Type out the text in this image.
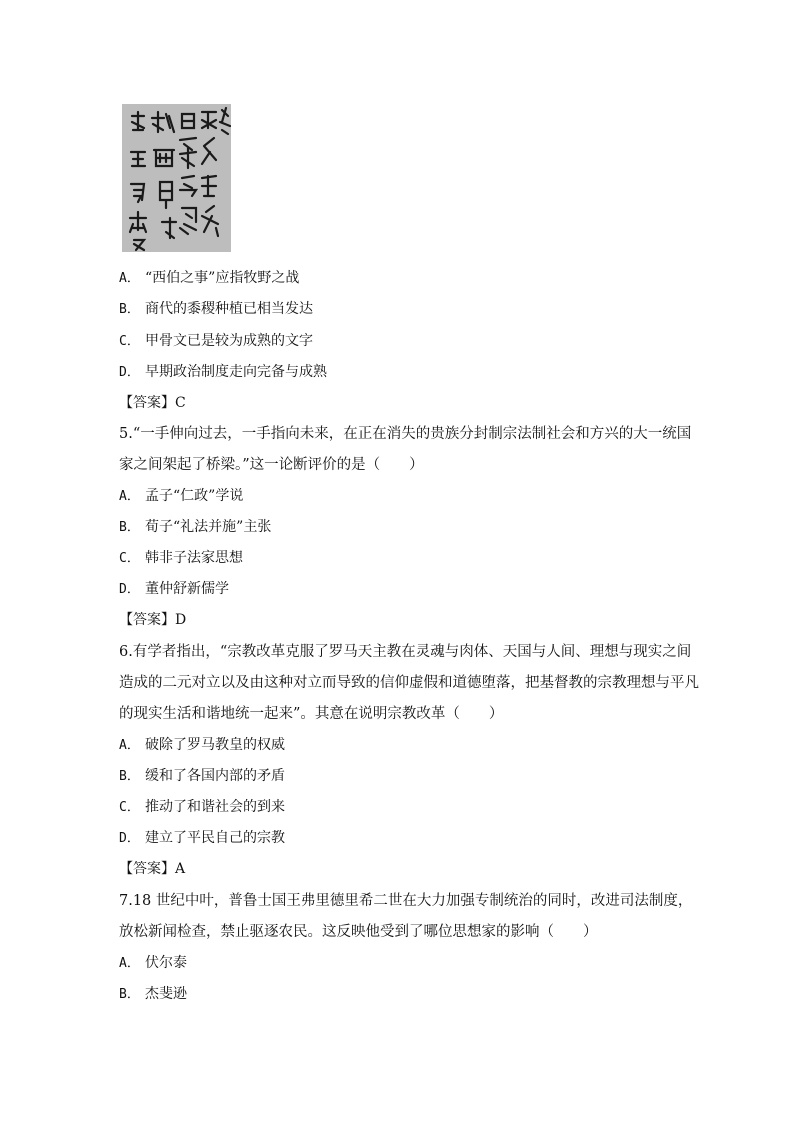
A． “西伯之事”应指牧野之战
B． 商代的黍稷种植已相当发达
C． 甲骨文已是较为成熟的文字
D． 早期政治制度走向完备与成熟
【答案】C
5.“一手伸向过去，一手指向未来，在正在消失的贵族分封制宗法制社会和方兴的大一统国
家之间架起了桥梁。”这一论断评价的是（　　）
A． 孟子“仁政”学说
B． 荀子“礼法并施”主张
C． 韩非子法家思想
D． 董仲舒新儒学
【答案】D
6.有学者指出，“宗教改革克服了罗马天主教在灵魂与肉体、天国与人间、理想与现实之间
造成的二元对立以及由这种对立而导致的信仰虚假和道德堕落，把基督教的宗教理想与平凡
的现实生活和谐地统一起来”。其意在说明宗教改革（　　）
A． 破除了罗马教皇的权威
B． 缓和了各国内部的矛盾
C． 推动了和谐社会的到来
D． 建立了平民自己的宗教
【答案】A
7.18 世纪中叶，普鲁士国王弗里德里希二世在大力加强专制统治的同时，改进司法制度，
放松新闻检查，禁止驱逐农民。这反映他受到了哪位思想家的影响（　　）
A． 伏尔泰
B． 杰斐逊
